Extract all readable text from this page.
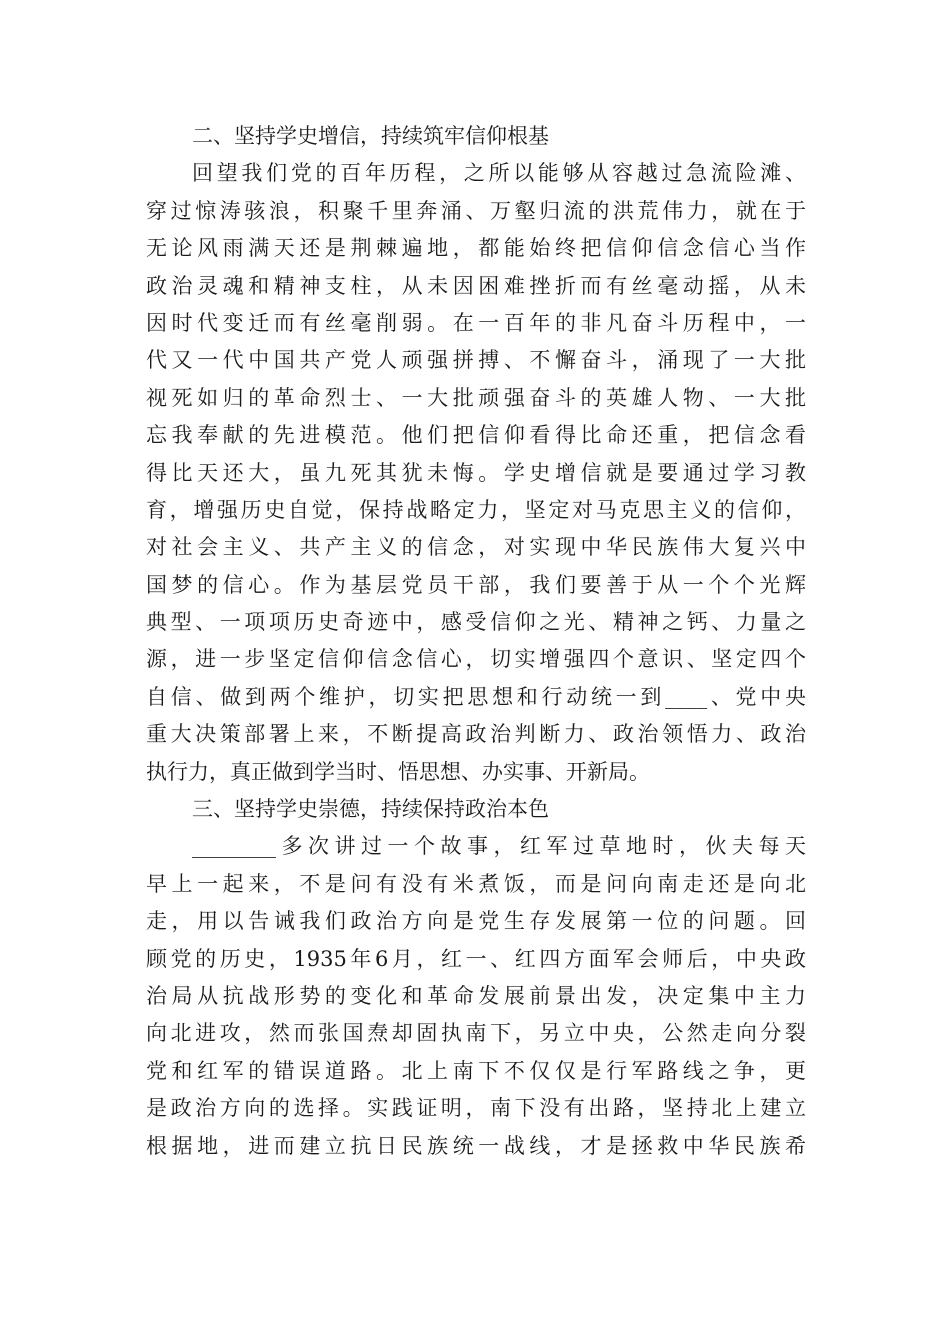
二、坚持学史增信，持续筑牢信仰根基
回望我们党的百年历程，之所以能够从容越过急流险滩、
穿过惊涛骇浪，积聚千里奔涌、万壑归流的洪荒伟力，就在于
无论风雨满天还是荆棘遍地，都能始终把信仰信念信心当作
政治灵魂和精神支柱，从未因困难挫折而有丝毫动摇，从未
因时代变迁而有丝毫削弱。在一百年的非凡奋斗历程中，一
代又一代中国共产党人顽强拼搏、不懈奋斗，涌现了一大批
视死如归的革命烈士、一大批顽强奋斗的英雄人物、一大批
忘我奉献的先进模范。他们把信仰看得比命还重，把信念看
得比天还大，虽九死其犹未悔。学史增信就是要通过学习教
育，增强历史自觉，保持战略定力，坚定对马克思主义的信仰，
对社会主义、共产主义的信念，对实现中华民族伟大复兴中
国梦的信心。作为基层党员干部，我们要善于从一个个光辉
典型、一项项历史奇迹中，感受信仰之光、精神之钙、力量之
源，进一步坚定信仰信念信心，切实增强四个意识、坚定四个
自信、做到两个维护，切实把思想和行动统一到____、党中央
重大决策部署上来，不断提高政治判断力、政治领悟力、政治
执行力，真正做到学当时、悟思想、办实事、开新局。
三、坚持学史崇德，持续保持政治本色
________多次讲过一个故事，红军过草地时，伙夫每天
早上一起来，不是问有没有米煮饭，而是问向南走还是向北
走，用以告诫我们政治方向是党生存发展第一位的问题。回
顾党的历史，1935年6月，红一、红四方面军会师后，中央政
治局从抗战形势的变化和革命发展前景出发，决定集中主力
向北进攻，然而张国焘却固执南下，另立中央，公然走向分裂
党和红军的错误道路。北上南下不仅仅是行军路线之争，更
是政治方向的选择。实践证明，南下没有出路，坚持北上建立
根据地，进而建立抗日民族统一战线，才是拯救中华民族希
